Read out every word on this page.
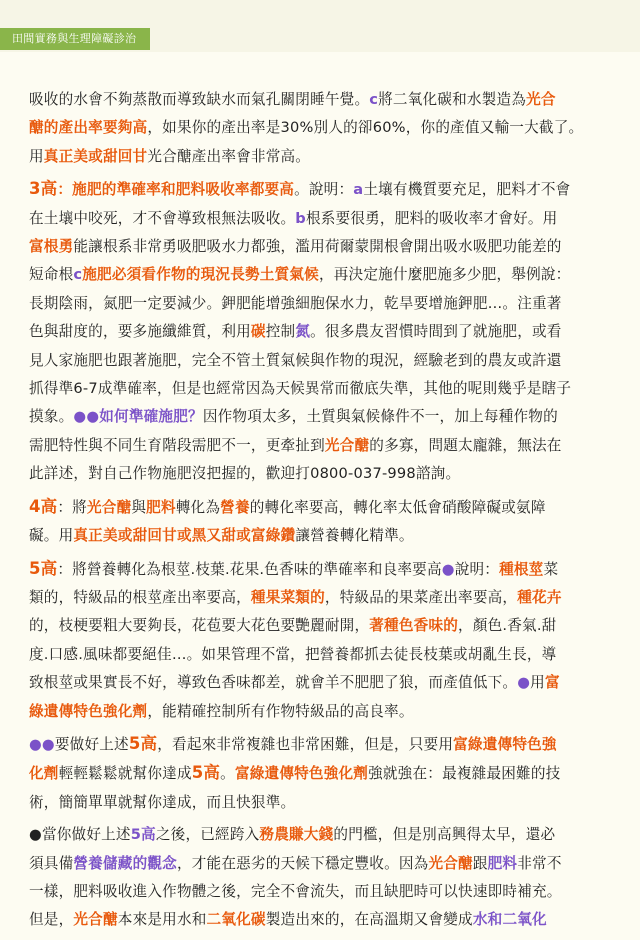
田間實務與生理障礙診治
吸收的水會不夠蒸散而導致缺水而氣孔關閉睡午覺。c將二氧化碳和水製造為光合
醣的產出率要夠高，如果你的產出率是30%別人的卻60%，你的產值又輸一大截了。
用真正美或甜回甘光合醣產出率會非常高。
3高：施肥的準確率和肥料吸收率都要高。說明：a土壤有機質要充足，肥料才不會
在土壤中咬死，才不會導致根無法吸收。b根系要很勇，肥料的吸收率才會好。用
富根勇能讓根系非常勇吸肥吸水力都強，濫用荷爾蒙開根會開出吸水吸肥功能差的
短命根c施肥必須看作物的現況長勢土質氣候，再決定施什麼肥施多少肥，舉例說：
長期陰雨，氮肥一定要減少。鉀肥能增強細胞保水力，乾旱要增施鉀肥…。注重著
色與甜度的，要多施纖維質，利用碳控制氮。很多農友習慣時間到了就施肥，或看
見人家施肥也跟著施肥，完全不管土質氣候與作物的現況，經驗老到的農友或許還
抓得準6-7成準確率，但是也經常因為天候異常而徹底失準，其他的呢則幾乎是瞎子
摸象。●●如何準確施肥？因作物項太多，土質與氣候條件不一，加上每種作物的
需肥特性與不同生育階段需肥不一，更牽扯到光合醣的多寡，問題太龐雜，無法在
此詳述，對自己作物施肥沒把握的，歡迎打0800-037-998諮詢。
4高：將光合醣與肥料轉化為營養的轉化率要高，轉化率太低會硝酸障礙或氨障
礙。用真正美或甜回甘或黑又甜或富綠鑽讓營養轉化精準。
5高：將營養轉化為根莖.枝葉.花果.色香味的準確率和良率要高●說明：種根莖菜
類的，特級品的根莖產出率要高，種果菜類的，特級品的果菜產出率要高，種花卉
的，枝梗要粗大要夠長，花苞要大花色要艷麗耐開，著種色香味的，顏色.香氣.甜
度.口感.風味都要絕佳…。如果管理不當，把營養都抓去徒長枝葉或胡亂生長，導
致根莖或果實長不好，導致色香味都差，就會羊不肥肥了狼，而產值低下。●用富
綠遺傳特色強化劑，能精確控制所有作物特級品的高良率。
●●要做好上述5高，看起來非常複雜也非常困難，但是，只要用富綠遺傳特色強
化劑輕輕鬆鬆就幫你達成5高。富綠遺傳特色強化劑強就強在：最複雜最困難的技
術，簡簡單單就幫你達成，而且快狠準。
●當你做好上述5高之後，已經跨入務農賺大錢的門檻，但是別高興得太早，還必
須具備營養儲藏的觀念，才能在惡劣的天候下穩定豐收。因為光合醣跟肥料非常不
一樣，肥料吸收進入作物體之後，完全不會流失，而且缺肥時可以快速即時補充。
但是，光合醣本來是用水和二氧化碳製造出來的，在高溫期又會變成水和二氧化
